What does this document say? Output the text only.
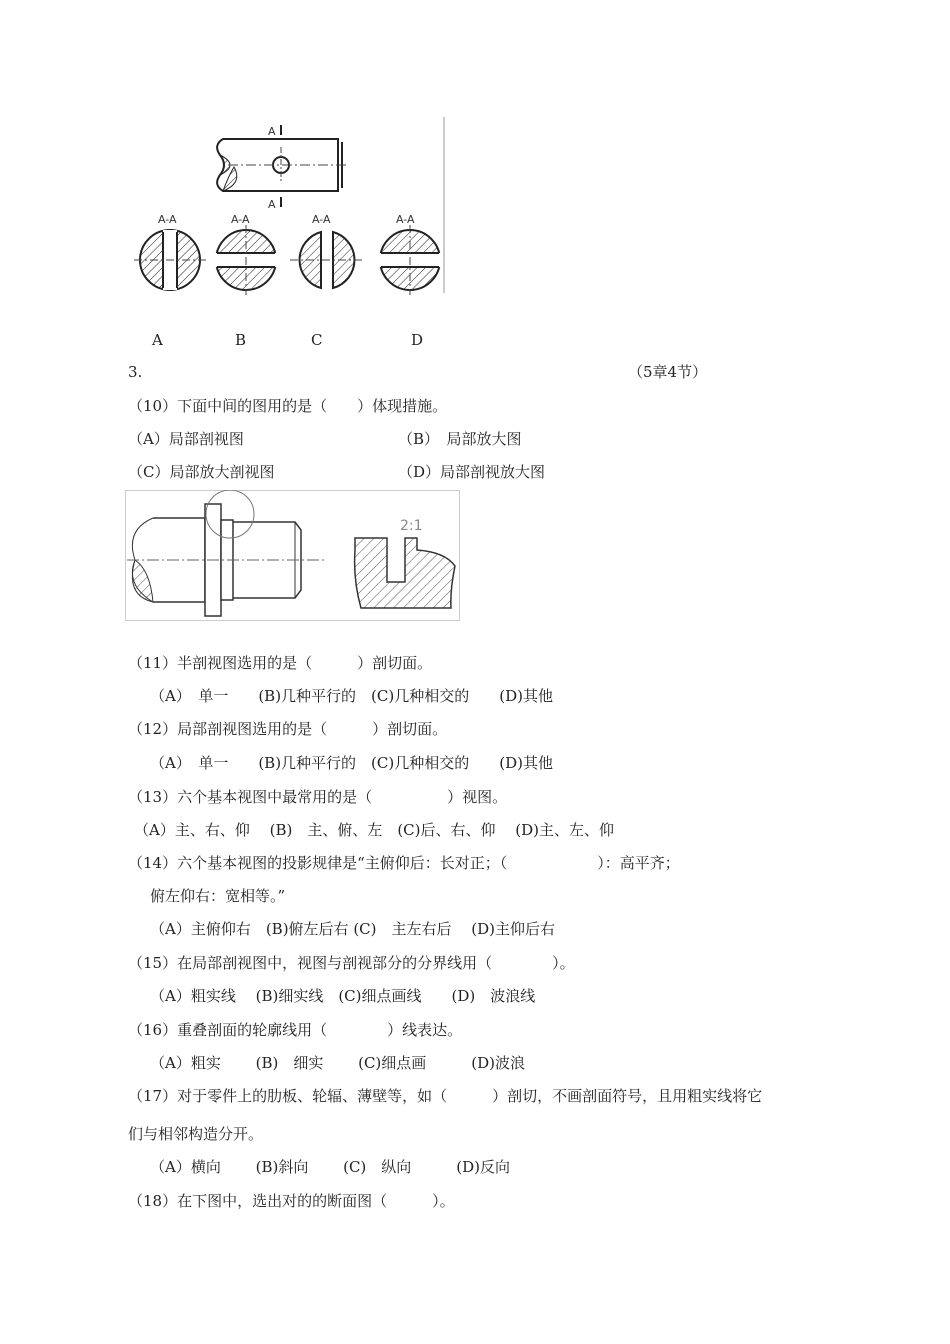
A
A
A-A	A-A	A-A	A-A
A	B	C	D
3.	（5章4节）
（10）下面中间的图用的是（　　）体现措施。
（A）局部剖视图	（B）　局部放大图
（C）局部放大剖视图	（D）局部剖视放大图
2:1
（11）半剖视图选用的是（　　　）剖切面。
（A）　单一　　(B)几种平行的　(C)几种相交的　　(D)其他
（12）局部剖视图选用的是（　　　）剖切面。
（A）　单一　　(B)几种平行的　(C)几种相交的　　(D)其他
（13）六个基本视图中最常用的是（　　　　　）视图。
（A）主、右、仰　 (B)　主、俯、左　(C)后、右、仰　 (D)主、左、仰
（14）六个基本视图的投影规律是“主俯仰后：长对正；（　　　　　　）：高平齐；
俯左仰右：宽相等。”
（A）主俯仰右　(B)俯左后右 (C)　主左右后　 (D)主仰后右
（15）在局部剖视图中，视图与剖视部分的分界线用（　　　　）。
（A）粗实线　 (B)细实线　(C)细点画线　　(D)　波浪线
（16）重叠剖面的轮廓线用（　　　　）线表达。
（A）粗实　　 (B)　细实　　 (C)细点画　　　(D)波浪
（17）对于零件上的肋板、轮辐、薄壁等，如（　　　）剖切，不画剖面符号，且用粗实线将它
们与相邻构造分开。
（A）横向　　 (B)斜向　　 (C)　纵向　　　(D)反向
（18）在下图中，选出对的的断面图（　　　）。
